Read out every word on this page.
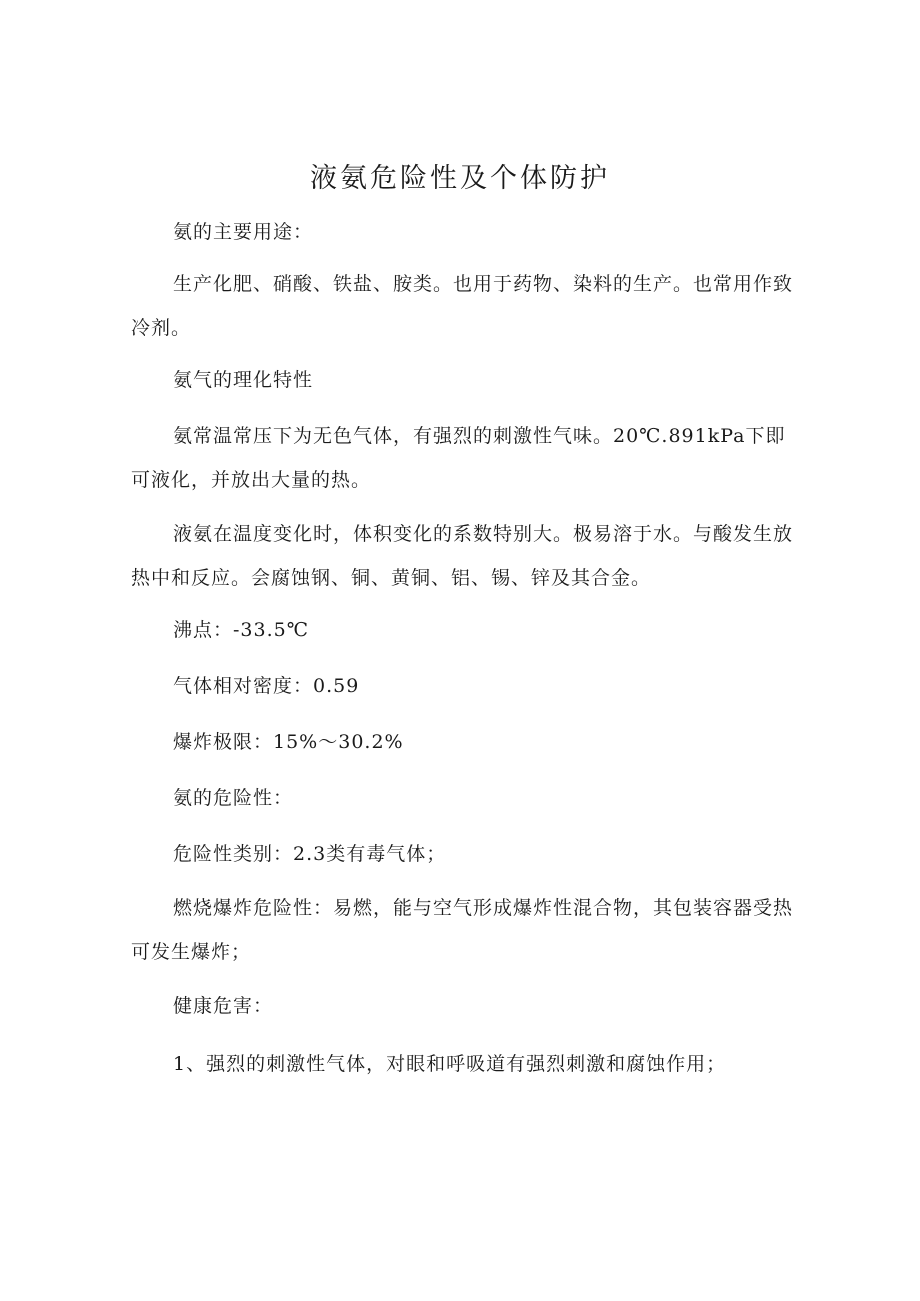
液氨危险性及个体防护

氨的主要用途：

生产化肥、硝酸、铁盐、胺类。也用于药物、染料的生产。也常用作致冷剂。

氨气的理化特性

氨常温常压下为无色气体，有强烈的刺激性气味。20℃.891kPa下即可液化，并放出大量的热。

液氨在温度变化时，体积变化的系数特别大。极易溶于水。与酸发生放热中和反应。会腐蚀钢、铜、黄铜、铝、锡、锌及其合金。

沸点：-33.5℃

气体相对密度：0.59

爆炸极限：15%～30.2%

氨的危险性：

危险性类别：2.3类有毒气体；

燃烧爆炸危险性：易燃，能与空气形成爆炸性混合物，其包装容器受热可发生爆炸；

健康危害：

1、强烈的刺激性气体，对眼和呼吸道有强烈刺激和腐蚀作用；
